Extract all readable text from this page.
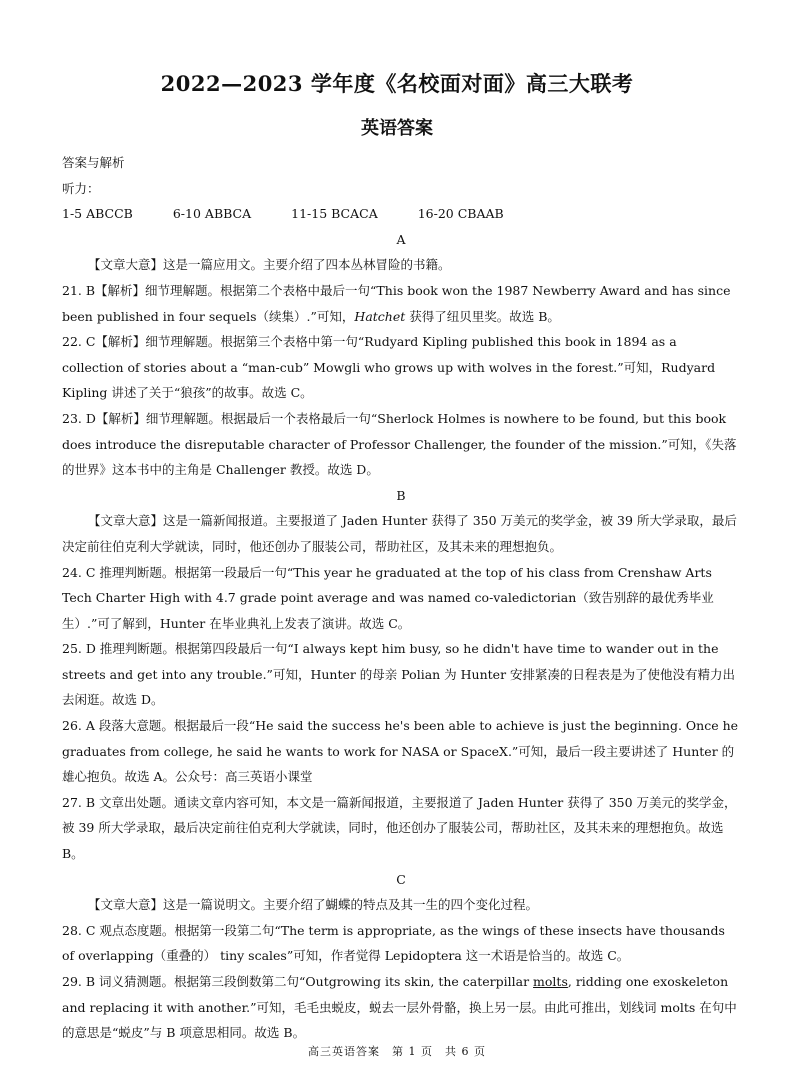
2022—2023 学年度《名校面对面》高三大联考
英语答案

答案与解析

听力：

1-5 ABCCB	6-10 ABBCA	11-15 BCACA	16-20 CBAAB

A

【文章大意】这是一篇应用文。主要介绍了四本丛林冒险的书籍。

21. B【解析】细节理解题。根据第二个表格中最后一句“This book won the 1987 Newberry Award and has since been published in four sequels（续集）.”可知，Hatchet 获得了纽贝里奖。故选 B。

22. C【解析】细节理解题。根据第三个表格中第一句“Rudyard Kipling published this book in 1894 as a collection of stories about a “man-cub” Mowgli who grows up with wolves in the forest.”可知，Rudyard Kipling 讲述了关于“狼孩”的故事。故选 C。

23. D【解析】细节理解题。根据最后一个表格最后一句“Sherlock Holmes is nowhere to be found, but this book does introduce the disreputable character of Professor Challenger, the founder of the mission.”可知，《失落的世界》这本书中的主角是 Challenger 教授。故选 D。

B

【文章大意】这是一篇新闻报道。主要报道了 Jaden Hunter 获得了 350 万美元的奖学金，被 39 所大学录取，最后决定前往伯克利大学就读，同时，他还创办了服装公司，帮助社区，及其未来的理想抱负。

24. C 推理判断题。根据第一段最后一句“This year he graduated at the top of his class from Crenshaw Arts Tech Charter High with 4.7 grade point average and was named co-valedictorian（致告别辞的最优秀毕业生）.”可了解到，Hunter 在毕业典礼上发表了演讲。故选 C。

25. D 推理判断题。根据第四段最后一句“I always kept him busy, so he didn't have time to wander out in the streets and get into any trouble.”可知，Hunter 的母亲 Polian 为 Hunter 安排紧凑的日程表是为了使他没有精力出去闲逛。故选 D。

26. A 段落大意题。根据最后一段“He said the success he's been able to achieve is just the beginning. Once he graduates from college, he said he wants to work for NASA or SpaceX.”可知，最后一段主要讲述了 Hunter 的雄心抱负。故选 A。公众号：高三英语小课堂

27. B 文章出处题。通读文章内容可知，本文是一篇新闻报道，主要报道了 Jaden Hunter 获得了 350 万美元的奖学金，被 39 所大学录取，最后决定前往伯克利大学就读，同时，他还创办了服装公司，帮助社区，及其未来的理想抱负。故选 B。

C

【文章大意】这是一篇说明文。主要介绍了蝴蝶的特点及其一生的四个变化过程。

28. C 观点态度题。根据第一段第二句“The term is appropriate, as the wings of these insects have thousands of overlapping（重叠的） tiny scales”可知，作者觉得 Lepidoptera 这一术语是恰当的。故选 C。

29. B 词义猜测题。根据第三段倒数第二句“Outgrowing its skin, the caterpillar molts, ridding one exoskeleton and replacing it with another.”可知，毛毛虫蜕皮，蜕去一层外骨骼，换上另一层。由此可推出，划线词 molts 在句中的意思是“蜕皮”与 B 项意思相同。故选 B。

高三英语答案　第 1 页　共 6 页
